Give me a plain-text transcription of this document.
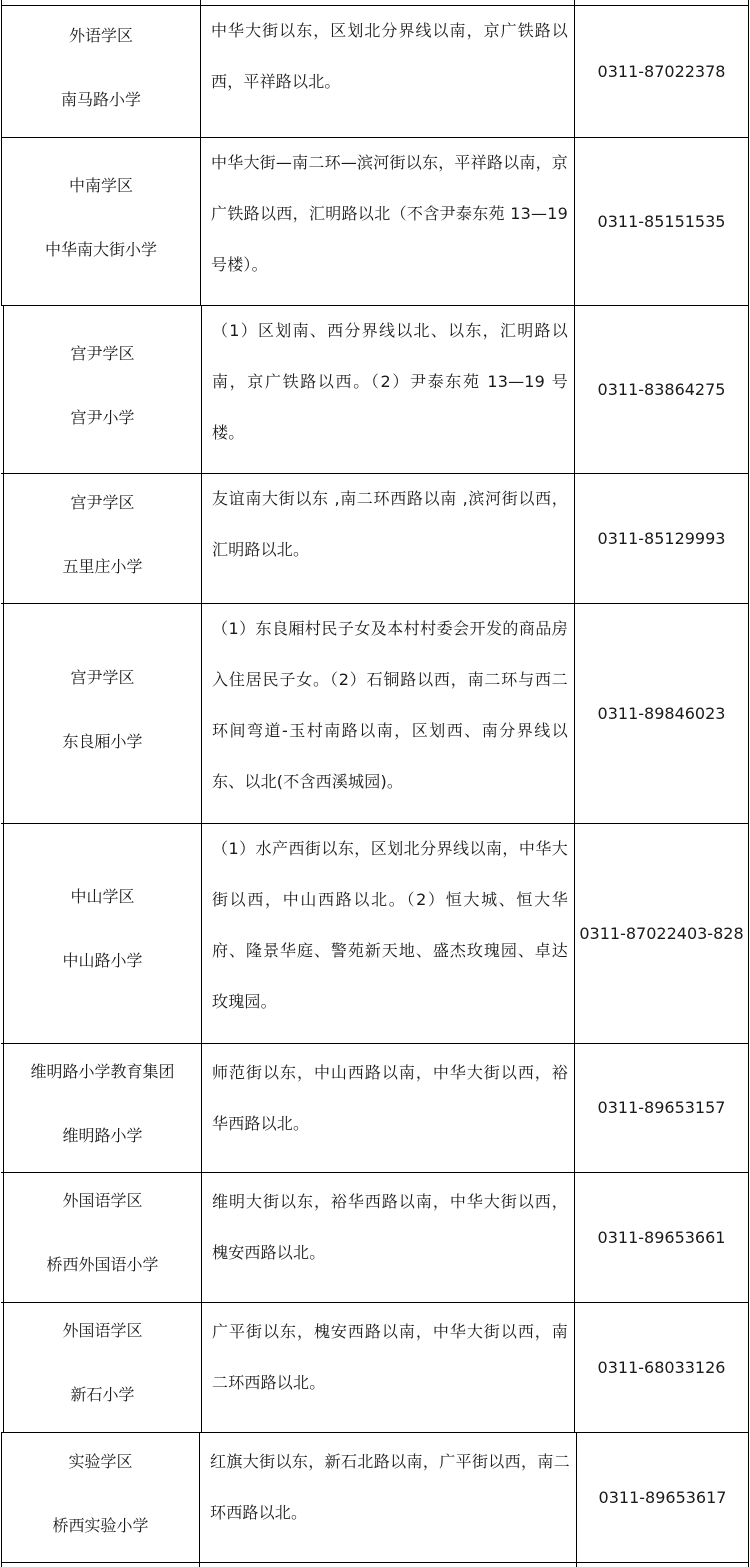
外语学区
南马路小学
中华大街以东，区划北分界线以南，京广铁路以西，平祥路以北。
0311-87022378
中南学区
中华南大街小学
中华大街—南二环—滨河街以东，平祥路以南，京广铁路以西，汇明路以北（不含尹泰东苑 13—19 号楼）。
0311-85151535
宫尹学区
宫尹小学
（1）区划南、西分界线以北、以东，汇明路以南，京广铁路以西。（2）尹泰东苑 13—19 号楼。
0311-83864275
宫尹学区
五里庄小学
友谊南大街以东 ,南二环西路以南 ,滨河街以西，汇明路以北。
0311-85129993
宫尹学区
东良厢小学
（1）东良厢村民子女及本村村委会开发的商品房入住居民子女。（2）石铜路以西，南二环与西二环间弯道-玉村南路以南，区划西、南分界线以东、以北(不含西溪城园)。
0311-89846023
中山学区
中山路小学
（1）水产西街以东，区划北分界线以南，中华大街以西，中山西路以北。（2）恒大城、恒大华府、隆景华庭、警苑新天地、盛杰玫瑰园、卓达玫瑰园。
0311-87022403-828
维明路小学教育集团
维明路小学
师范街以东，中山西路以南，中华大街以西，裕华西路以北。
0311-89653157
外国语学区
桥西外国语小学
维明大街以东，裕华西路以南，中华大街以西，槐安西路以北。
0311-89653661
外国语学区
新石小学
广平街以东，槐安西路以南，中华大街以西，南二环西路以北。
0311-68033126
实验学区
桥西实验小学
红旗大街以东，新石北路以南，广平街以西，南二环西路以北。
0311-89653617
